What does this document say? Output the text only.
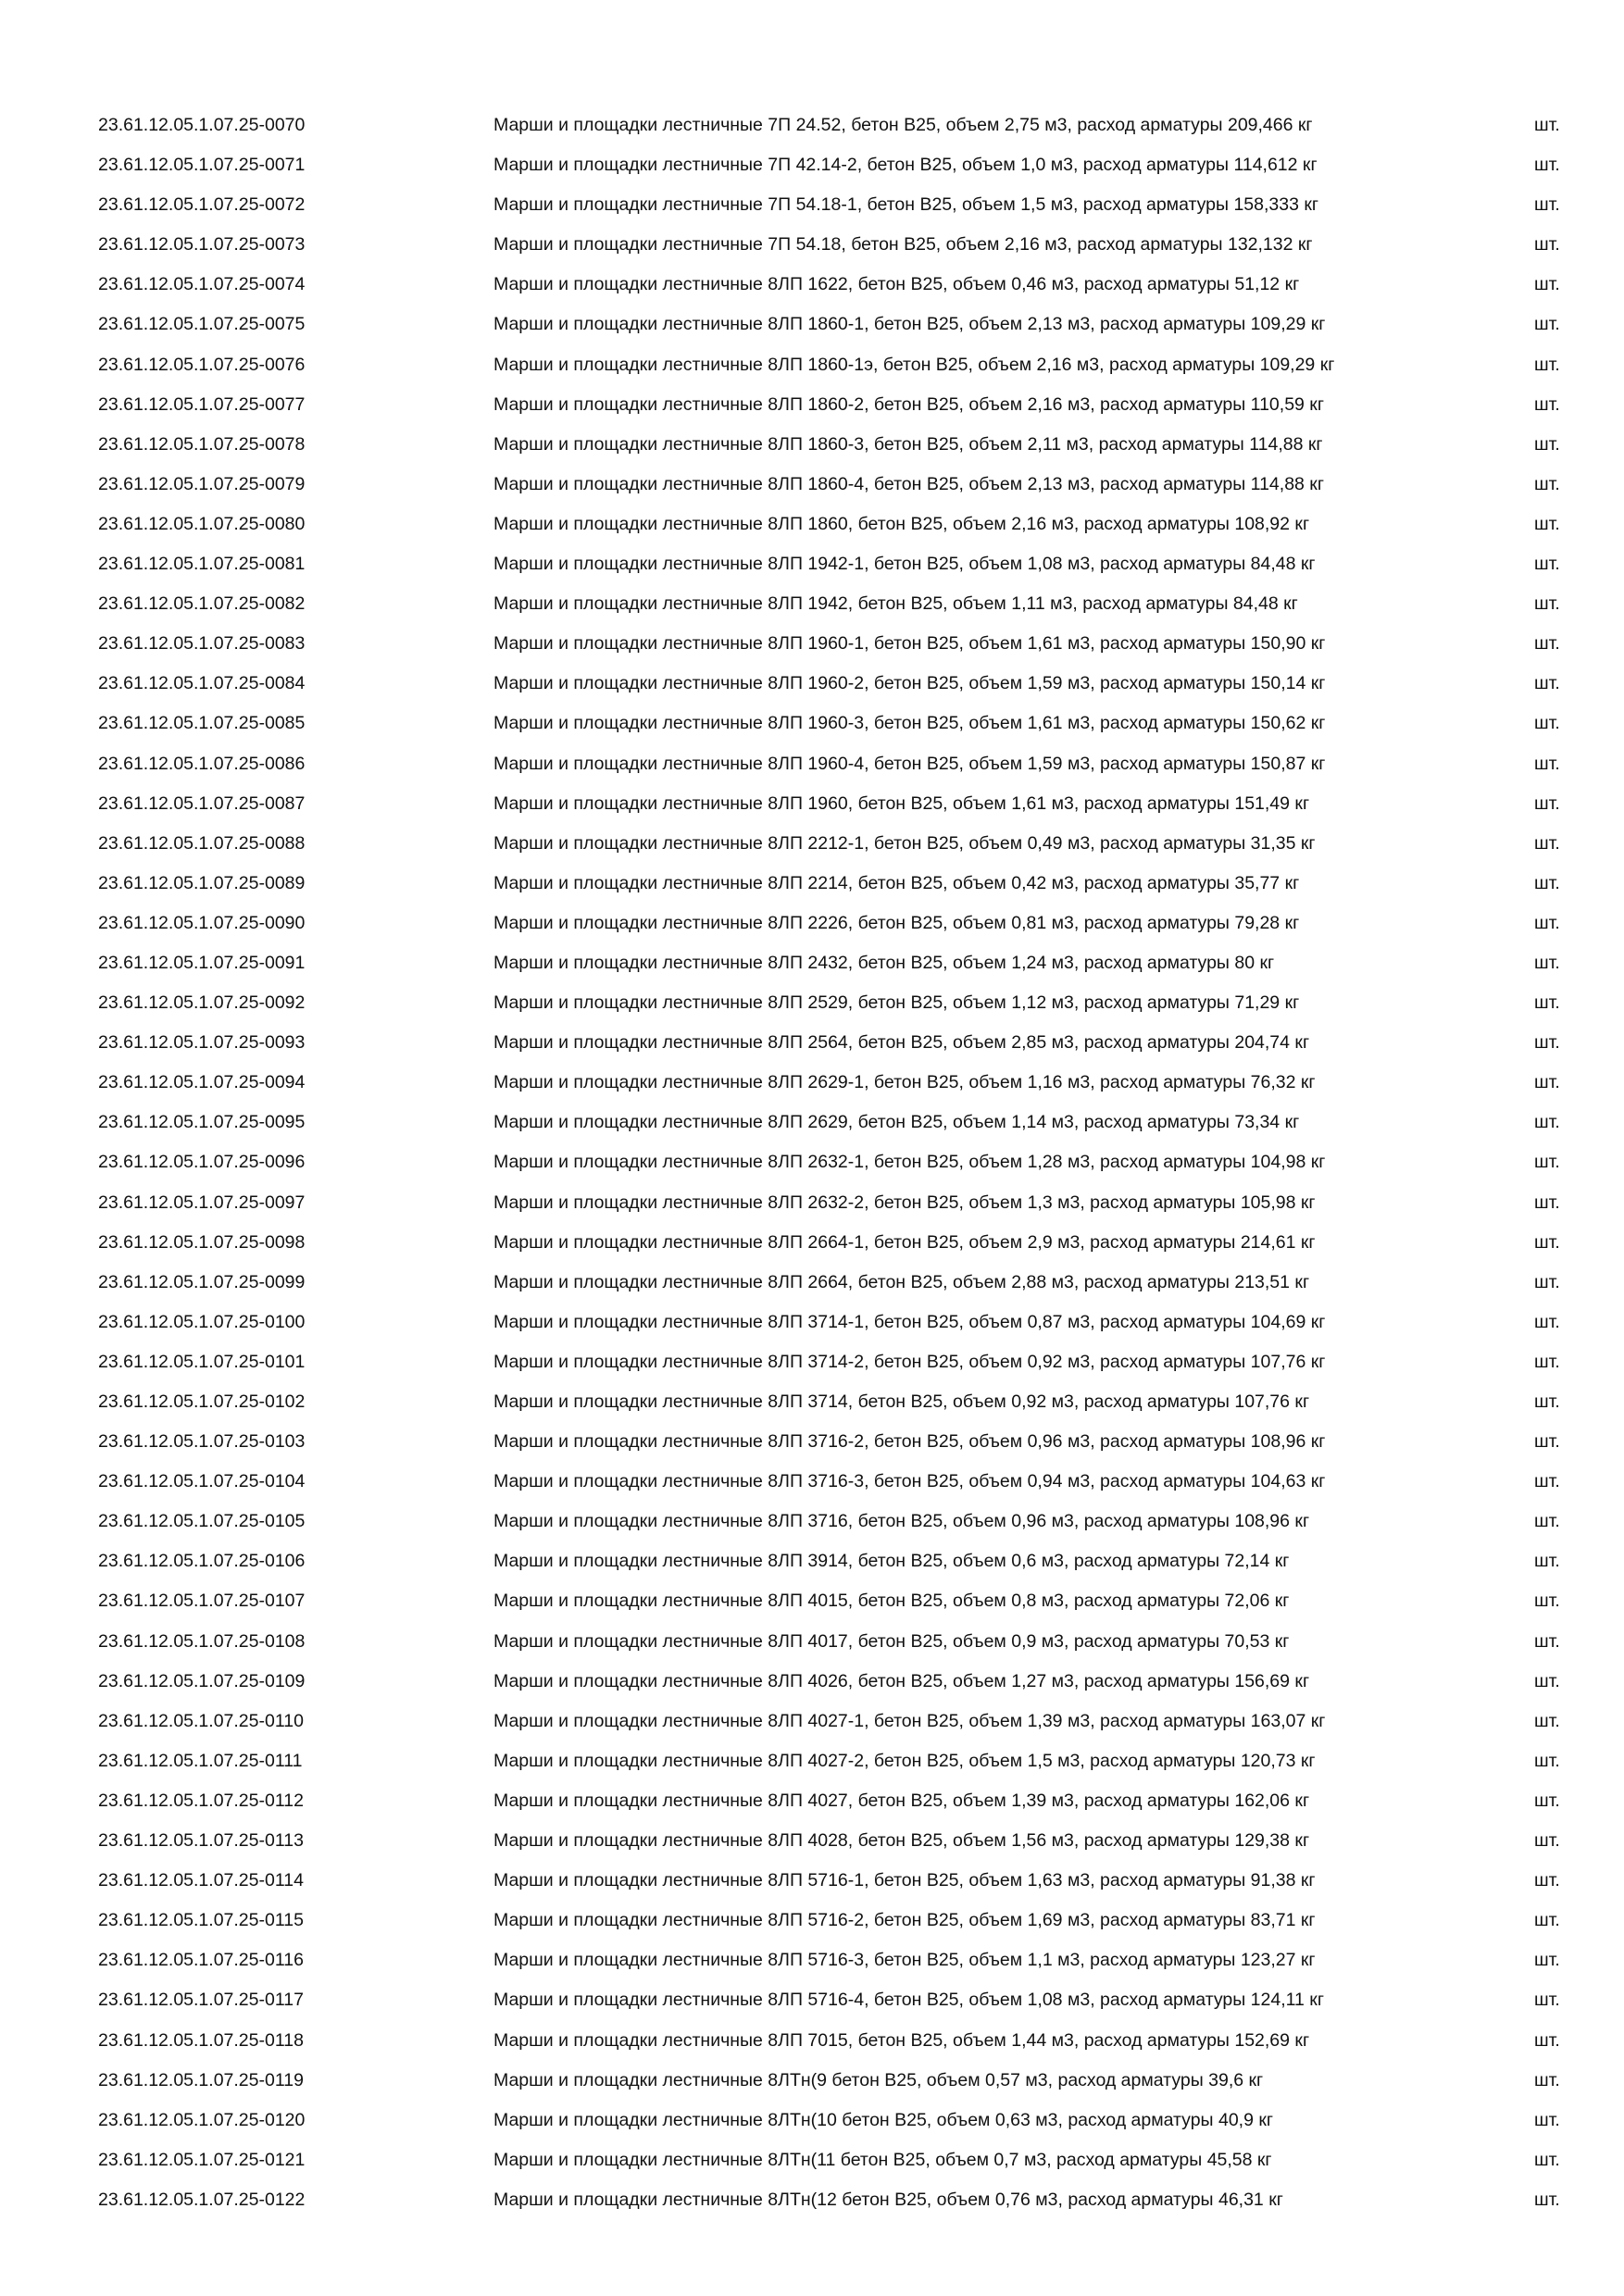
23.61.12.05.1.07.25-0070	Марши и площадки лестничные 7П 24.52, бетон В25, объем 2,75 м3, расход арматуры 209,466 кг	шт.
23.61.12.05.1.07.25-0071	Марши и площадки лестничные 7П 42.14-2, бетон В25, объем 1,0 м3, расход арматуры 114,612 кг	шт.
23.61.12.05.1.07.25-0072	Марши и площадки лестничные 7П 54.18-1, бетон В25, объем 1,5 м3, расход арматуры 158,333 кг	шт.
23.61.12.05.1.07.25-0073	Марши и площадки лестничные 7П 54.18, бетон В25, объем 2,16 м3, расход арматуры 132,132 кг	шт.
23.61.12.05.1.07.25-0074	Марши и площадки лестничные 8ЛП 1622, бетон В25, объем 0,46 м3, расход арматуры 51,12 кг	шт.
23.61.12.05.1.07.25-0075	Марши и площадки лестничные 8ЛП 1860-1, бетон В25, объем 2,13 м3, расход арматуры 109,29 кг	шт.
23.61.12.05.1.07.25-0076	Марши и площадки лестничные 8ЛП 1860-1э, бетон В25, объем 2,16 м3, расход арматуры 109,29 кг	шт.
23.61.12.05.1.07.25-0077	Марши и площадки лестничные 8ЛП 1860-2, бетон В25, объем 2,16 м3, расход арматуры 110,59 кг	шт.
23.61.12.05.1.07.25-0078	Марши и площадки лестничные 8ЛП 1860-3, бетон В25, объем 2,11 м3, расход арматуры 114,88 кг	шт.
23.61.12.05.1.07.25-0079	Марши и площадки лестничные 8ЛП 1860-4, бетон В25, объем 2,13 м3, расход арматуры 114,88 кг	шт.
23.61.12.05.1.07.25-0080	Марши и площадки лестничные 8ЛП 1860, бетон В25, объем 2,16 м3, расход арматуры 108,92 кг	шт.
23.61.12.05.1.07.25-0081	Марши и площадки лестничные 8ЛП 1942-1, бетон В25, объем 1,08 м3, расход арматуры 84,48 кг	шт.
23.61.12.05.1.07.25-0082	Марши и площадки лестничные 8ЛП 1942, бетон В25, объем 1,11 м3, расход арматуры 84,48 кг	шт.
23.61.12.05.1.07.25-0083	Марши и площадки лестничные 8ЛП 1960-1, бетон В25, объем 1,61 м3, расход арматуры 150,90 кг	шт.
23.61.12.05.1.07.25-0084	Марши и площадки лестничные 8ЛП 1960-2, бетон В25, объем 1,59 м3, расход арматуры 150,14 кг	шт.
23.61.12.05.1.07.25-0085	Марши и площадки лестничные 8ЛП 1960-3, бетон В25, объем 1,61 м3, расход арматуры 150,62 кг	шт.
23.61.12.05.1.07.25-0086	Марши и площадки лестничные 8ЛП 1960-4, бетон В25, объем 1,59 м3, расход арматуры 150,87 кг	шт.
23.61.12.05.1.07.25-0087	Марши и площадки лестничные 8ЛП 1960, бетон В25, объем 1,61 м3, расход арматуры 151,49 кг	шт.
23.61.12.05.1.07.25-0088	Марши и площадки лестничные 8ЛП 2212-1, бетон В25, объем 0,49 м3, расход арматуры 31,35 кг	шт.
23.61.12.05.1.07.25-0089	Марши и площадки лестничные 8ЛП 2214, бетон В25, объем 0,42 м3, расход арматуры 35,77 кг	шт.
23.61.12.05.1.07.25-0090	Марши и площадки лестничные 8ЛП 2226, бетон В25, объем 0,81 м3, расход арматуры 79,28 кг	шт.
23.61.12.05.1.07.25-0091	Марши и площадки лестничные 8ЛП 2432, бетон В25, объем 1,24 м3, расход арматуры 80 кг	шт.
23.61.12.05.1.07.25-0092	Марши и площадки лестничные 8ЛП 2529, бетон В25, объем 1,12 м3, расход арматуры 71,29 кг	шт.
23.61.12.05.1.07.25-0093	Марши и площадки лестничные 8ЛП 2564, бетон В25, объем 2,85 м3, расход арматуры 204,74 кг	шт.
23.61.12.05.1.07.25-0094	Марши и площадки лестничные 8ЛП 2629-1, бетон В25, объем 1,16 м3, расход арматуры 76,32 кг	шт.
23.61.12.05.1.07.25-0095	Марши и площадки лестничные 8ЛП 2629, бетон В25, объем 1,14 м3, расход арматуры 73,34 кг	шт.
23.61.12.05.1.07.25-0096	Марши и площадки лестничные 8ЛП 2632-1, бетон В25, объем 1,28 м3, расход арматуры 104,98 кг	шт.
23.61.12.05.1.07.25-0097	Марши и площадки лестничные 8ЛП 2632-2, бетон В25, объем 1,3 м3, расход арматуры 105,98 кг	шт.
23.61.12.05.1.07.25-0098	Марши и площадки лестничные 8ЛП 2664-1, бетон В25, объем 2,9 м3, расход арматуры 214,61 кг	шт.
23.61.12.05.1.07.25-0099	Марши и площадки лестничные 8ЛП 2664, бетон В25, объем 2,88 м3, расход арматуры 213,51 кг	шт.
23.61.12.05.1.07.25-0100	Марши и площадки лестничные 8ЛП 3714-1, бетон В25, объем 0,87 м3, расход арматуры 104,69 кг	шт.
23.61.12.05.1.07.25-0101	Марши и площадки лестничные 8ЛП 3714-2, бетон В25, объем 0,92 м3, расход арматуры 107,76 кг	шт.
23.61.12.05.1.07.25-0102	Марши и площадки лестничные 8ЛП 3714, бетон В25, объем 0,92 м3, расход арматуры 107,76 кг	шт.
23.61.12.05.1.07.25-0103	Марши и площадки лестничные 8ЛП 3716-2, бетон В25, объем 0,96 м3, расход арматуры 108,96 кг	шт.
23.61.12.05.1.07.25-0104	Марши и площадки лестничные 8ЛП 3716-3, бетон В25, объем 0,94 м3, расход арматуры 104,63 кг	шт.
23.61.12.05.1.07.25-0105	Марши и площадки лестничные 8ЛП 3716, бетон В25, объем 0,96 м3, расход арматуры 108,96 кг	шт.
23.61.12.05.1.07.25-0106	Марши и площадки лестничные 8ЛП 3914, бетон В25, объем 0,6 м3, расход арматуры 72,14 кг	шт.
23.61.12.05.1.07.25-0107	Марши и площадки лестничные 8ЛП 4015, бетон В25, объем 0,8 м3, расход арматуры 72,06 кг	шт.
23.61.12.05.1.07.25-0108	Марши и площадки лестничные 8ЛП 4017, бетон В25, объем 0,9 м3, расход арматуры 70,53 кг	шт.
23.61.12.05.1.07.25-0109	Марши и площадки лестничные 8ЛП 4026, бетон В25, объем 1,27 м3, расход арматуры 156,69 кг	шт.
23.61.12.05.1.07.25-0110	Марши и площадки лестничные 8ЛП 4027-1, бетон В25, объем 1,39 м3, расход арматуры 163,07 кг	шт.
23.61.12.05.1.07.25-0111	Марши и площадки лестничные 8ЛП 4027-2, бетон В25, объем 1,5 м3, расход арматуры 120,73 кг	шт.
23.61.12.05.1.07.25-0112	Марши и площадки лестничные 8ЛП 4027, бетон В25, объем 1,39 м3, расход арматуры 162,06 кг	шт.
23.61.12.05.1.07.25-0113	Марши и площадки лестничные 8ЛП 4028, бетон В25, объем 1,56 м3, расход арматуры 129,38 кг	шт.
23.61.12.05.1.07.25-0114	Марши и площадки лестничные 8ЛП 5716-1, бетон В25, объем 1,63 м3, расход арматуры 91,38 кг	шт.
23.61.12.05.1.07.25-0115	Марши и площадки лестничные 8ЛП 5716-2, бетон В25, объем 1,69 м3, расход арматуры 83,71 кг	шт.
23.61.12.05.1.07.25-0116	Марши и площадки лестничные 8ЛП 5716-3, бетон В25, объем 1,1 м3, расход арматуры 123,27 кг	шт.
23.61.12.05.1.07.25-0117	Марши и площадки лестничные 8ЛП 5716-4, бетон В25, объем 1,08 м3, расход арматуры 124,11 кг	шт.
23.61.12.05.1.07.25-0118	Марши и площадки лестничные 8ЛП 7015, бетон В25, объем 1,44 м3, расход арматуры 152,69 кг	шт.
23.61.12.05.1.07.25-0119	Марши и площадки лестничные 8ЛТн(9 бетон В25, объем 0,57 м3, расход арматуры 39,6 кг	шт.
23.61.12.05.1.07.25-0120	Марши и площадки лестничные 8ЛТн(10 бетон В25, объем 0,63 м3, расход арматуры 40,9 кг	шт.
23.61.12.05.1.07.25-0121	Марши и площадки лестничные 8ЛТн(11 бетон В25, объем 0,7 м3, расход арматуры 45,58 кг	шт.
23.61.12.05.1.07.25-0122	Марши и площадки лестничные 8ЛТн(12 бетон В25, объем 0,76 м3, расход арматуры 46,31 кг	шт.
